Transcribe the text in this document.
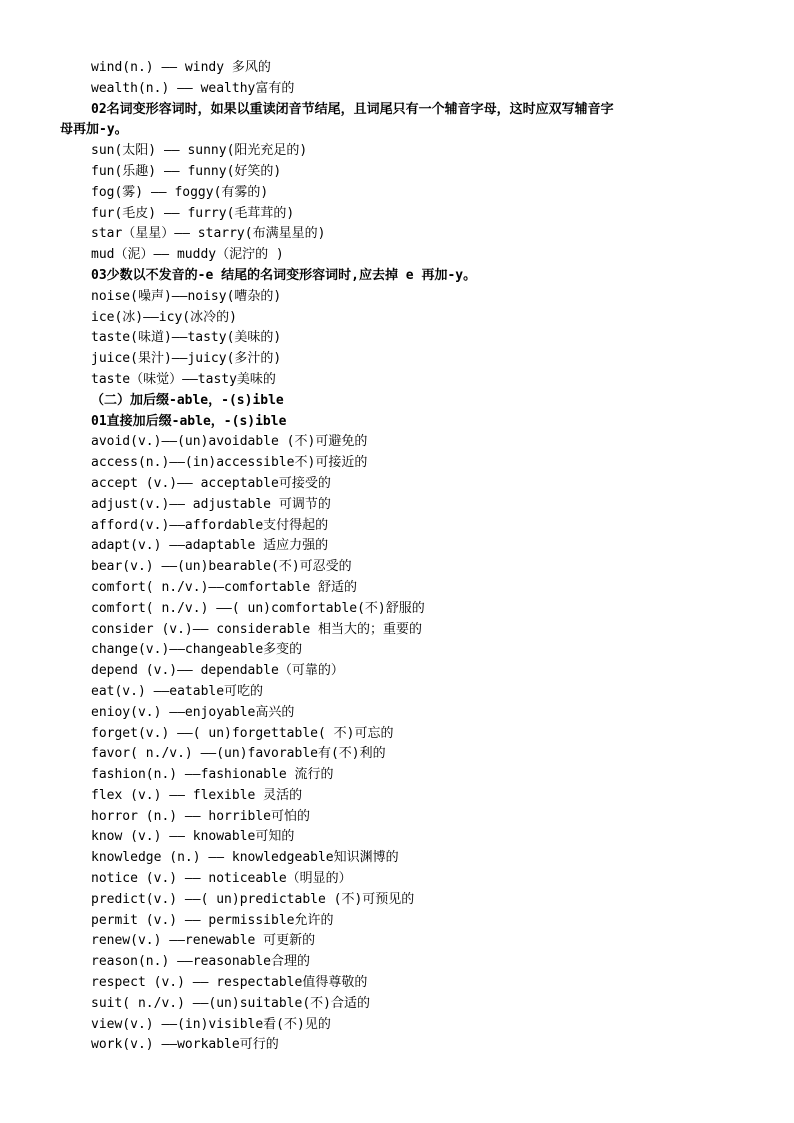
wind(n.) —— windy 多风的
wealth(n.) —— wealthy富有的
02名词变形容词时，如果以重读闭音节结尾，且词尾只有一个辅音字母，这时应双写辅音字
母再加-y。
sun(太阳) —— sunny(阳光充足的)
fun(乐趣) —— funny(好笑的)
fog(雾) —— foggy(有雾的)
fur(毛皮) —— furry(毛茸茸的)
star（星星）—— starry(布满星星的)
mud（泥）—— muddy（泥泞的 )
03少数以不发音的-e 结尾的名词变形容词时,应去掉 e 再加-y。
noise(噪声)——noisy(嘈杂的)
ice(冰)——icy(冰冷的)
taste(味道)——tasty(美味的)
juice(果汁)——juicy(多汁的)
taste（味觉）——tasty美味的
（二）加后缀-able，-(s)ible
01直接加后缀-able，-(s)ible
avoid(v.)——(un)avoidable (不)可避免的
access(n.)——(in)accessible不)可接近的
accept (v.)—— acceptable可接受的
adjust(v.)—— adjustable 可调节的
afford(v.)——affordable支付得起的
adapt(v.) ——adaptable 适应力强的
bear(v.) ——(un)bearable(不)可忍受的
comfort( n./v.)——comfortable 舒适的
comfort( n./v.) ——( un)comfortable(不)舒服的
consider (v.)—— considerable 相当大的；重要的
change(v.)——changeable多变的
depend (v.)—— dependable（可靠的）
eat(v.) ——eatable可吃的
enioy(v.) ——enjoyable高兴的
forget(v.) ——( un)forgettable( 不)可忘的
favor( n./v.) ——(un)favorable有(不)利的
fashion(n.) ——fashionable 流行的
flex (v.) —— flexible 灵活的
horror (n.) —— horrible可怕的
know (v.) —— knowable可知的
knowledge (n.) —— knowledgeable知识渊博的
notice (v.) —— noticeable（明显的）
predict(v.) ——( un)predictable (不)可预见的
permit (v.) —— permissible允许的
renew(v.) ——renewable 可更新的
reason(n.) ——reasonable合理的
respect (v.) —— respectable值得尊敬的
suit( n./v.) ——(un)suitable(不)合适的
view(v.) ——(in)visible看(不)见的
work(v.) ——workable可行的
